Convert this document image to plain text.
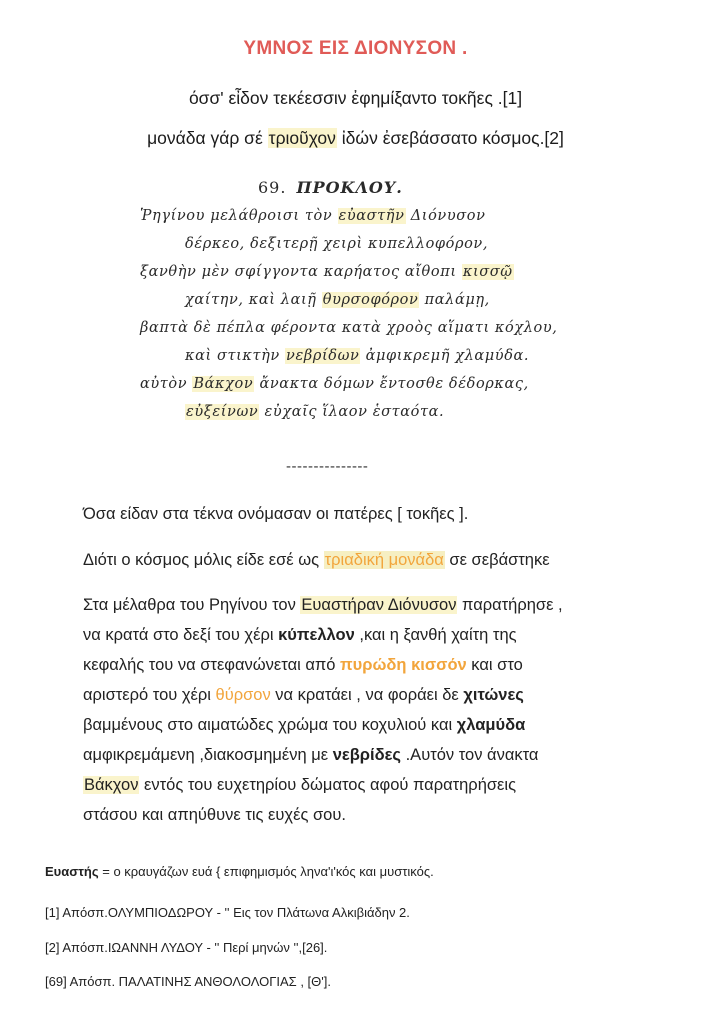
ΥΜΝΟΣ ΕΙΣ ΔΙΟΝΥΣΟΝ .
όσσ' εἶδον τεκέεσσιν ἐφημίξαντο τοκῆες .[1]
μονάδα γάρ σέ τριοῦχον ἰδών ἐσεβάσσατο κόσμος.[2]
69. ΠΡΟΚΛΟΥ.
Ῥηγίνου μελάθροισι τὸν εὐαστῆν Διόνυσον
δέρκεο, δεξιτερῇ χειρὶ κυπελλοφόρον,
ξανθὴν μὲν σφίγγοντα καρήατος αἴθοπι κισσῷ
χαίτην, καὶ λαιῇ θυρσοφόρον παλάμῃ,
βαπτὰ δὲ πέπλα φέροντα κατὰ χροὸς αἵματι κόχλου,
καὶ στικτὴν νεβρίδων ἀμφικρεμῆ χλαμύδα.
αὐτὸν Βάκχον ἄνακτα δόμων ἔντοσθε δέδορκας,
εὐξείνων εὐχαῖς ἵλαον ἑσταότα.
---------------
Όσα είδαν στα τέκνα ονόμασαν οι πατέρες [ τοκῆες ].
Διότι ο κόσμος μόλις είδε εσέ ως τριαδική μονάδα σε σεβάστηκε
Στα μέλαθρα του Ρηγίνου τον Ευαστήραν Διόνυσον παρατήρησε ,
να κρατά στο δεξί του χέρι κύπελλον ,και η ξανθή χαίτη της
κεφαλής του να στεφανώνεται από πυρώδη κισσόν και στο
αριστερό του χέρι θύρσον να κρατάει , να φοράει δε χιτώνες
βαμμένους στο αιματώδες χρώμα του κοχυλιού και χλαμύδα
αμφικρεμάμενη ,διακοσμημένη με νεβρίδες .Αυτόν τον άνακτα
Βάκχον εντός του ευχετηρίου δώματος αφού παρατηρήσεις
στάσου και απηύθυνε τις ευχές σου.
Ευαστής = ο κραυγάζων ευά { επιφημισμός ληνα'ι'κός και μυστικός.
[1] Απόσπ.ΟΛΥΜΠΙΟΔΩΡΟΥ - '' Εις τον Πλάτωνα Αλκιβιάδην 2.
[2] Απόσπ.ΙΩΑΝΝΗ ΛΥΔΟΥ - '' Περί μηνών '',[26].
[69] Απόσπ. ΠΑΛΑΤΙΝΗΣ ΑΝΘΟΛΟΛΟΓΙΑΣ , [Θ'].
